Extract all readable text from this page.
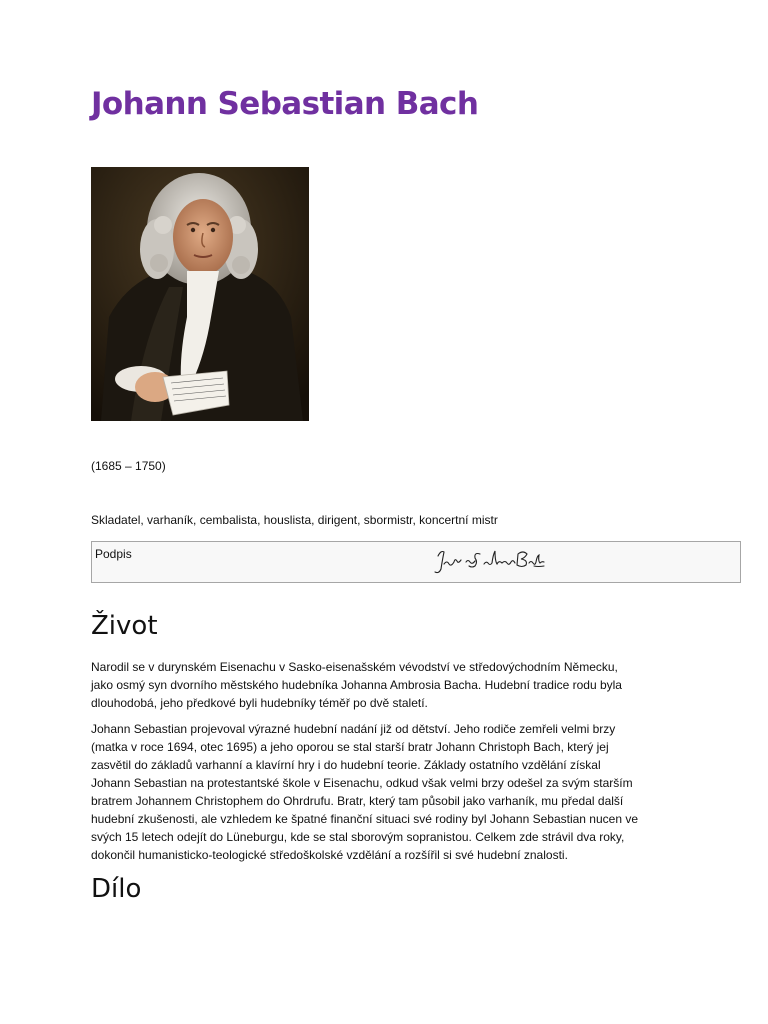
Johann Sebastian Bach
(1685 – 1750)
Skladatel, varhaník, cembalista, houslista, dirigent, sbormistr, koncertní mistr
Podpis
Život

Narodil se v durynském Eisenachu v Sasko-eisenašském vévodství ve středovýchodním Německu,
jako osmý syn dvorního městského hudebníka Johanna Ambrosia Bacha. Hudební tradice rodu byla
dlouhodobá, jeho předkové byli hudebníky téměř po dvě staletí.

Johann Sebastian projevoval výrazné hudební nadání již od dětství. Jeho rodiče zemřeli velmi brzy
(matka v roce 1694, otec 1695) a jeho oporou se stal starší bratr Johann Christoph Bach, který jej
zasvětil do základů varhanní a klavírní hry i do hudební teorie. Základy ostatního vzdělání získal
Johann Sebastian na protestantské škole v Eisenachu, odkud však velmi brzy odešel za svým starším
bratrem Johannem Christophem do Ohrdrufu. Bratr, který tam působil jako varhaník, mu předal další
hudební zkušenosti, ale vzhledem ke špatné finanční situaci své rodiny byl Johann Sebastian nucen ve
svých 15 letech odejít do Lüneburgu, kde se stal sborovým sopranistou. Celkem zde strávil dva roky,
dokončil humanisticko-teologické středoškolské vzdělání a rozšířil si své hudební znalosti.

Dílo
